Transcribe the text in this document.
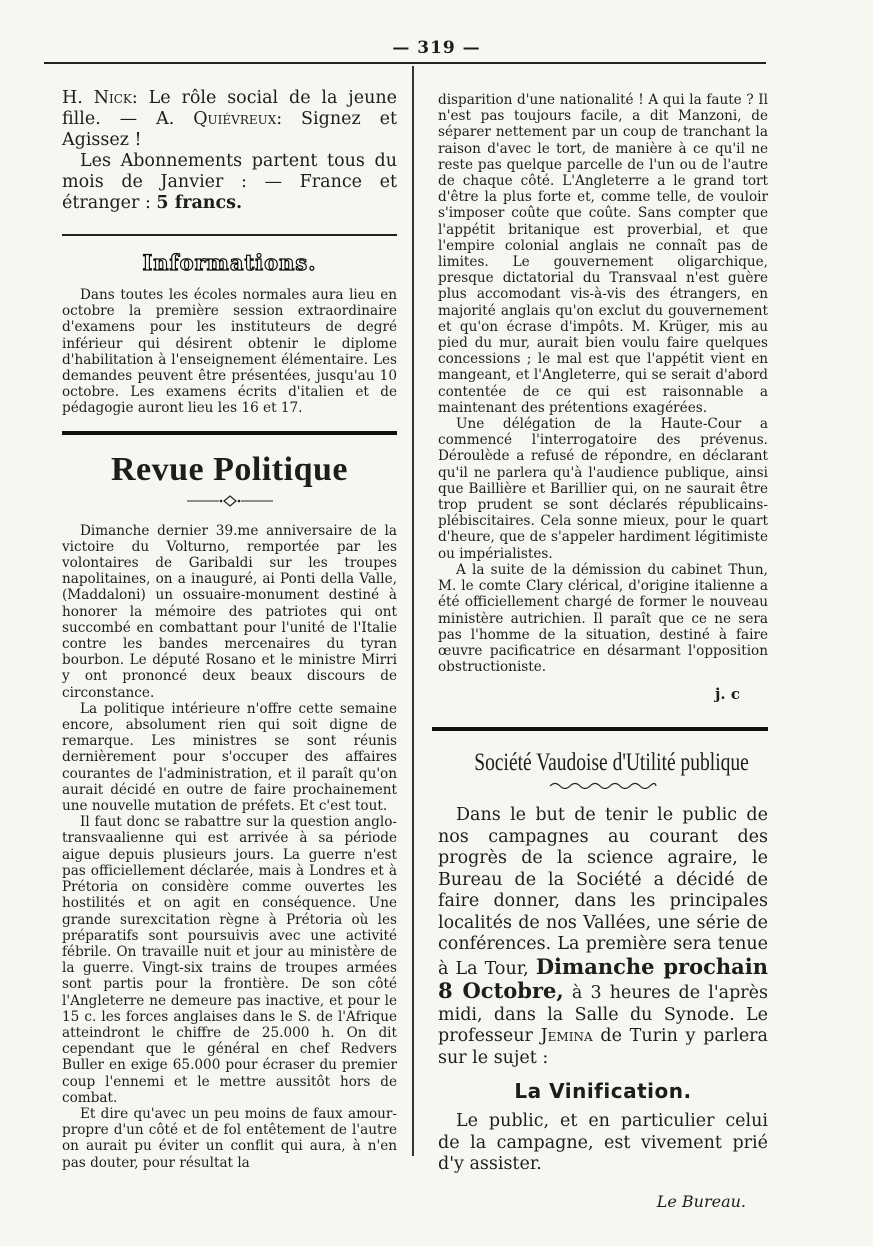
— 319 —

H. Nick: Le rôle social de la jeune fille. — A. Quiévreux: Signez et Agissez !

Les Abonnements partent tous du mois de Janvier : — France et étranger : 5 francs.

Informations.

Dans toutes les écoles normales aura lieu en octobre la première session extraordinaire d'examens pour les instituteurs de degré inférieur qui désirent obtenir le diplome d'habilitation à l'enseignement élémentaire. Les demandes peuvent être présentées, jusqu'au 10 octobre. Les examens écrits d'italien et de pédagogie auront lieu les 16 et 17.

Revue Politique

Dimanche dernier 39.me anniversaire de la victoire du Volturno, remportée par les volontaires de Garibaldi sur les troupes napolitaines, on a inauguré, ai Ponti della Valle, (Maddaloni) un ossuaire-monument destiné à honorer la mémoire des patriotes qui ont succombé en combattant pour l'unité de l'Italie contre les bandes mercenaires du tyran bourbon. Le député Rosano et le ministre Mirri y ont prononcé deux beaux discours de circonstance.

La politique intérieure n'offre cette semaine encore, absolument rien qui soit digne de remarque. Les ministres se sont réunis dernièrement pour s'occuper des affaires courantes de l'administration, et il paraît qu'on aurait décidé en outre de faire prochainement une nouvelle mutation de préfets. Et c'est tout.

Il faut donc se rabattre sur la question anglo-transvaalienne qui est arrivée à sa période aigue depuis plusieurs jours. La guerre n'est pas officiellement déclarée, mais à Londres et à Prétoria on considère comme ouvertes les hostilités et on agit en conséquence. Une grande surexcitation règne à Prétoria où les préparatifs sont poursuivis avec une activité fébrile. On travaille nuit et jour au ministère de la guerre. Vingt-six trains de troupes armées sont partis pour la frontière. De son côté l'Angleterre ne demeure pas inactive, et pour le 15 c. les forces anglaises dans le S. de l'Afrique atteindront le chiffre de 25.000 h. On dit cependant que le général en chef Redvers Buller en exige 65.000 pour écraser du premier coup l'ennemi et le mettre aussitôt hors de combat.

Et dire qu'avec un peu moins de faux amour-propre d'un côté et de fol entêtement de l'autre on aurait pu éviter un conflit qui aura, à n'en pas douter, pour résultat la

disparition d'une nationalité ! A qui la faute ? Il n'est pas toujours facile, a dit Manzoni, de séparer nettement par un coup de tranchant la raison d'avec le tort, de manière à ce qu'il ne reste pas quelque parcelle de l'un ou de l'autre de chaque côté. L'Angleterre a le grand tort d'être la plus forte et, comme telle, de vouloir s'imposer coûte que coûte. Sans compter que l'appétit britanique est proverbial, et que l'empire colonial anglais ne connaît pas de limites. Le gouvernement oligarchique, presque dictatorial du Transvaal n'est guère plus accomodant vis-à-vis des étrangers, en majorité anglais qu'on exclut du gouvernement et qu'on écrase d'impôts. M. Krüger, mis au pied du mur, aurait bien voulu faire quelques concessions ; le mal est que l'appétit vient en mangeant, et l'Angleterre, qui se serait d'abord contentée de ce qui est raisonnable a maintenant des prétentions exagérées.

Une délégation de la Haute-Cour a commencé l'interrogatoire des prévenus. Déroulède a refusé de répondre, en déclarant qu'il ne parlera qu'à l'audience publique, ainsi que Baillière et Barillier qui, on ne saurait être trop prudent se sont déclarés républicains-plébiscitaires. Cela sonne mieux, pour le quart d'heure, que de s'appeler hardiment légitimiste ou impérialistes.

A la suite de la démission du cabinet Thun, M. le comte Clary clérical, d'origine italienne a été officiellement chargé de former le nouveau ministère autrichien. Il paraît que ce ne sera pas l'homme de la situation, destiné à faire œuvre pacificatrice en désarmant l'opposition obstructioniste.

j. c
Société Vaudoise d'Utilité publique

Dans le but de tenir le public de nos campagnes au courant des progrès de la science agraire, le Bureau de la Société a décidé de faire donner, dans les principales localités de nos Vallées, une série de conférences. La première sera tenue à La Tour, Dimanche prochain 8 Octobre, à 3 heures de l'après midi, dans la Salle du Synode. Le professeur Jemina de Turin y parlera sur le sujet :

La Vinification.

Le public, et en particulier celui de la campagne, est vivement prié d'y assister.

Le Bureau.
